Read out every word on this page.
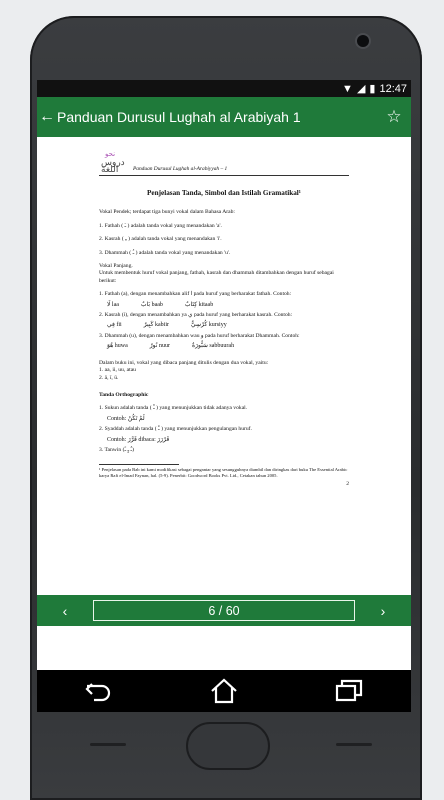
▼ ◢ ▮ 12:47
← Panduan Durusul Lughah al Arabiyah 1	☆
نحو
دروس اللغة	Panduan Durusul Lughah al-Arabiyyah – 1
Penjelasan Tanda, Simbol dan Istilah Gramatikal¹

Vokal Pendek; terdapat tiga bunyi vokal dalam Bahasa Arab:

1. Fathah ( ـَ ) adalah tanda vokal yang menandakan 'a'.

2. Kasrah ( ـِ ) adalah tanda vokal yang menandakan 'i'.

3. Dhammah ( ـُ ) adalah tanda vokal yang menandakan 'u'.

Vokal Panjang.

Untuk membentuk huruf vokal panjang, fathah, kasrah dan dhammah ditambahkan dengan huruf sebagai berikut:

1. Fathah (a), dengan menambahkan alif ا pada huruf yang berharakat fathah. Contoh:

لَا laa	بَابٌ baab	كِتَابٌ kitaab

2. Kasrah (i), dengan menambahkan ya ي pada huruf yang berharakat kasrah. Contoh:

فِي fii	كَبِيرٌ kabiir	كُرْسِيٌّ kursiyy

3. Dhammah (u), dengan menambahkan wau و pada huruf berharakat Dhammah. Contoh:

هُوَ huwa	نُورٌ nuur	سَبُّورَةٌ sabbuurah

Dalam buku ini, vokal yang dibaca panjang ditulis dengan dua vokal, yaitu:

1. aa, ii, uu, atau

2. ā, ī, ū.

Tanda Orthographic

1. Sukun adalah tanda ( ـْ ) yang menunjukkan tidak adanya vokal.

Contoh: لَمْ تَكُنْ

2. Syaddah adalah tanda ( ـّ ) yang menunjukkan pengulangan huruf.

Contoh: قَرَّرَ dibaca: قَرْرَرَ

3. Tanwin (ـٌ ـٍ ـً)

¹ Penjelasan pada Bab ini kami modifikasi sebagai pengantar yang sesungguhnya diambil dan diringkas dari buku The Essential Arabic karya Rafi el-Imad Faynan, hal. (5-9). Penerbit: Goodword Books Pvt. Ltd., Cetakan tahun 2005.

2

‹	6 / 60	›
